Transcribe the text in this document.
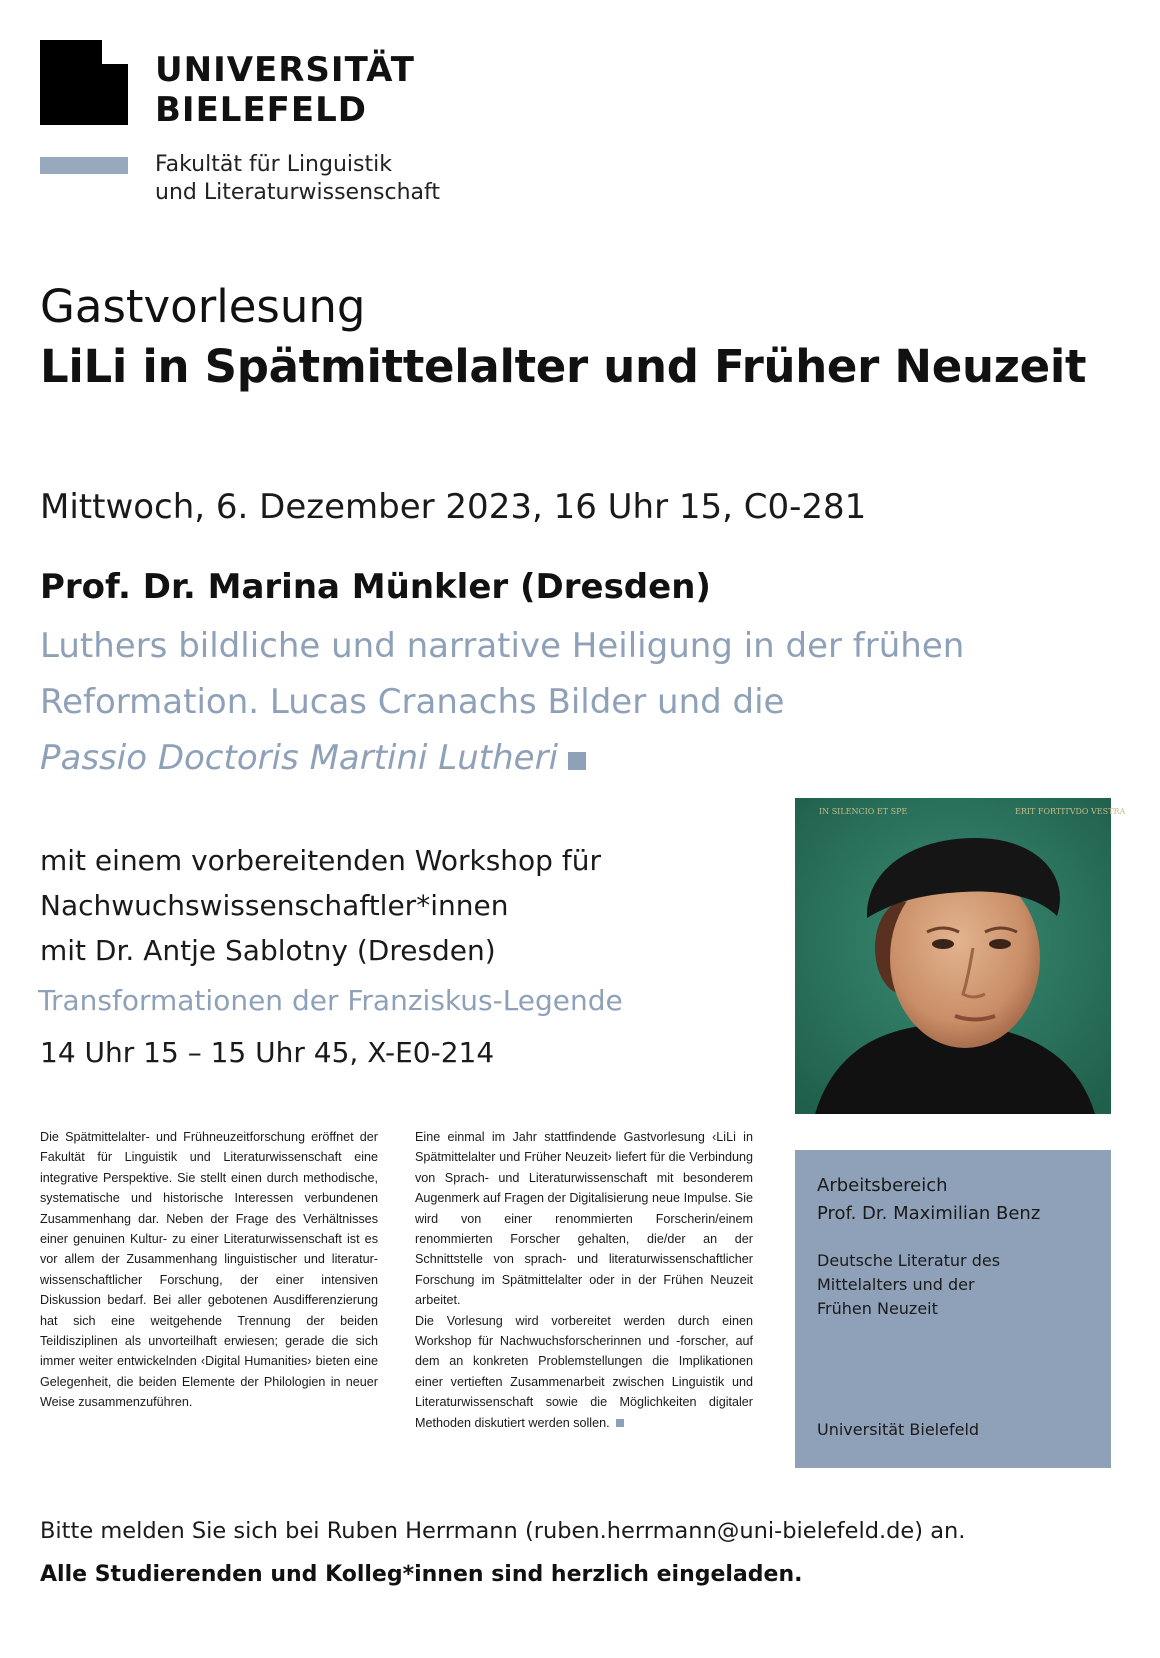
UNIVERSITÄT
BIELEFELD
Fakultät für Linguistik
und Literaturwissenschaft
Gastvorlesung
LiLi in Spätmittelalter und Früher Neuzeit
Mittwoch, 6. Dezember 2023, 16 Uhr 15, C0-281
Prof. Dr. Marina Münkler (Dresden)
Luthers bildliche und narrative Heiligung in der frühen
Reformation. Lucas Cranachs Bilder und die
Passio Doctoris Martini Lutheri
mit einem vorbereitenden Workshop für
Nachwuchswissenschaftler*innen
mit Dr. Antje Sablotny (Dresden)
Transformationen der Franziskus-Legende
14 Uhr 15 – 15 Uhr 45, X-E0-214
IN SILENCIO ET SPE	ERIT FORTITVDO VESTRA

Die Spätmittelalter- und Frühneuzeitforschung eröffnet der Fakultät für Linguistik und Literaturwissenschaft eine integrative Perspektive. Sie stellt einen durch methodische, systematische und historische Interessen verbundenen Zusammenhang dar. Neben der Frage des Verhältnisses einer genuinen Kultur- zu einer Literaturwissenschaft ist es vor allem der Zusammenhang linguistischer und literaturwissenschaftlicher Forschung, der einer intensiven Diskussion bedarf. Bei aller gebotenen Ausdifferenzierung hat sich eine weitgehende Trennung der beiden Teildisziplinen als unvorteilhaft erwiesen; gerade die sich immer weiter entwickelnden ‹Digital Humanities› bieten eine Gelegenheit, die beiden Elemente der Philologien in neuer Weise zusammenzuführen.

Eine einmal im Jahr stattfindende Gastvorlesung ‹LiLi in Spätmittelalter und Früher Neuzeit› liefert für die Verbindung von Sprach- und Literaturwissenschaft mit besonderem Augenmerk auf Fragen der Digitalisierung neue Impulse. Sie wird von einer renommierten Forscherin/einem renommierten Forscher gehalten, die/der an der Schnittstelle von sprach- und literaturwissenschaftlicher Forschung im Spätmittelalter oder in der Frühen Neuzeit arbeitet.

Die Vorlesung wird vorbereitet werden durch einen Workshop für Nachwuchsforscherinnen und -forscher, auf dem an konkreten Problemstellungen die Implikationen einer vertieften Zusammenarbeit zwischen Linguistik und Literaturwissenschaft sowie die Möglichkeiten digitaler Methoden diskutiert werden sollen.

Arbeitsbereich
Prof. Dr. Maximilian Benz
Deutsche Literatur des
Mittelalters und der
Frühen Neuzeit
Universität Bielefeld
Bitte melden Sie sich bei Ruben Herrmann (ruben.herrmann@uni-bielefeld.de) an.
Alle Studierenden und Kolleg*innen sind herzlich eingeladen.
